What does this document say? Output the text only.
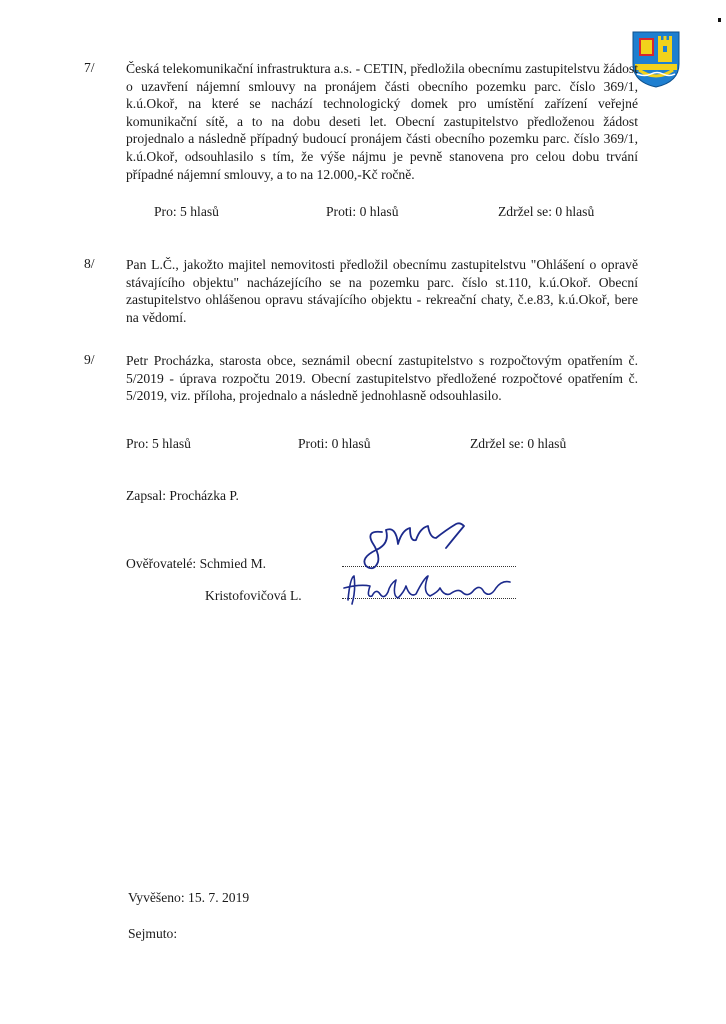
7/ Česká telekomunikační infrastruktura a.s. - CETIN, předložila obecnímu zastupitelstvu žádost o uzavření nájemní smlouvy na pronájem části obecního pozemku parc. číslo 369/1, k.ú.Okoř, na které se nachází technologický domek pro umístění zařízení veřejné komunikační sítě, a to na dobu deseti let. Obecní zastupitelstvo předloženou žádost projednalo a následně případný budoucí pronájem části obecního pozemku parc. číslo 369/1, k.ú.Okoř, odsouhlasilo s tím, že výše nájmu je pevně stanovena pro celou dobu trvání případné nájemní smlouvy, a to na 12.000,-Kč ročně.
Pro: 5 hlasů	Proti: 0 hlasů	Zdržel se: 0 hlasů
8/ Pan L.Č., jakožto majitel nemovitosti předložil obecnímu zastupitelstvu "Ohlášení o opravě stávajícího objektu" nacházejícího se na pozemku parc. číslo st.110, k.ú.Okoř. Obecní zastupitelstvo ohlášenou opravu stávajícího objektu - rekreační chaty, č.e.83, k.ú.Okoř, bere na vědomí.
9/ Petr Procházka, starosta obce, seznámil obecní zastupitelstvo s rozpočtovým opatřením č. 5/2019 - úprava rozpočtu 2019. Obecní zastupitelstvo předložené rozpočtové opatřením č. 5/2019, viz. příloha, projednalo a následně jednohlasně odsouhlasilo.
Pro: 5 hlasů	Proti: 0 hlasů	Zdržel se: 0 hlasů
Zapsal: Procházka P.
Ověřovatelé: Schmied M.
Kristofovičová L.
Vyvěšeno: 15. 7. 2019
Sejmuto:
